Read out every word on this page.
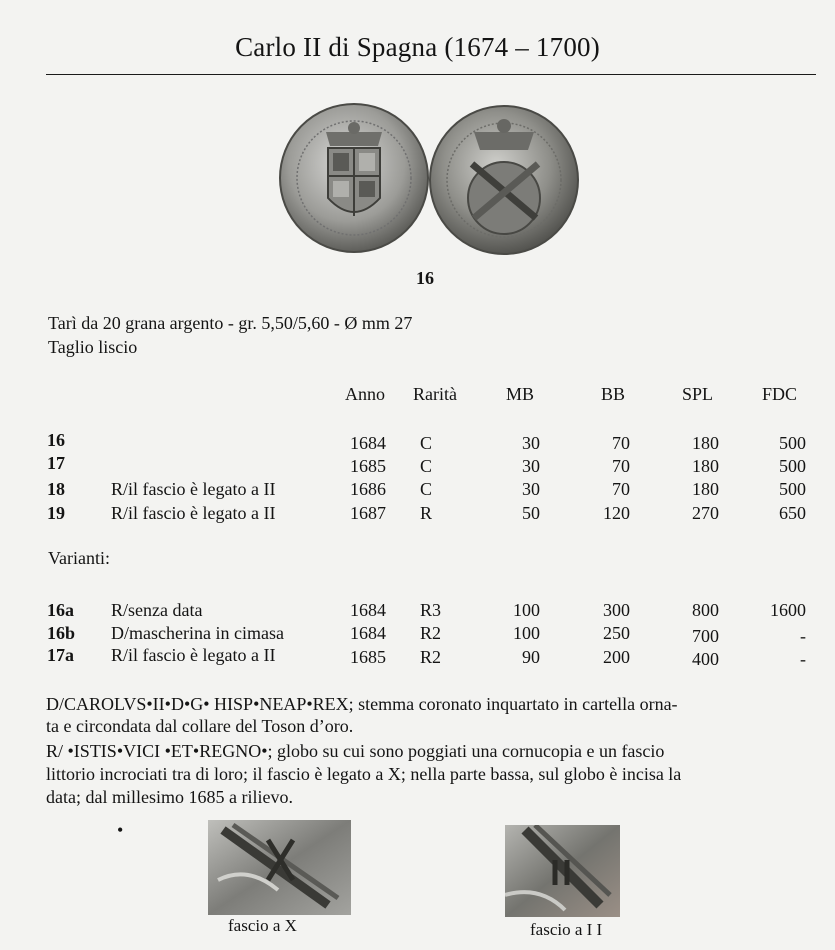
Carlo II di Spagna (1674 – 1700)
16
Tarì da 20 grana argento - gr. 5,50/5,60 - Ø mm 27
Taglio liscio
Anno Rarità	MB	BB	SPL	FDC
16	1684 C	30	70	180	500
17	1685 C	30	70	180	500
18	R/il fascio è legato a II	1686 C	30	70	180	500
19	R/il fascio è legato a II	1687 R	50	120	270	650
Varianti:
16a R/senza data	1684 R3	100	300	800	1600
16b D/mascherina in cimasa	1684 R2	100	250	700	-
17a R/il fascio è legato a II	1685 R2	90	200	400	-
D/CAROLVS•II•D•G• HISP•NEAP•REX; stemma coronato inquartato in cartella orna-
ta e circondata dal collare del Toson d’oro.
R/ •ISTIS•VICI •ET•REGNO•; globo su cui sono poggiati una cornucopia e un fascio
littorio incrociati tra di loro; il fascio è legato a X; nella parte bassa, sul globo è incisa la
data; dal millesimo 1685 a rilievo.
•
fascio a X	fascio a I I
